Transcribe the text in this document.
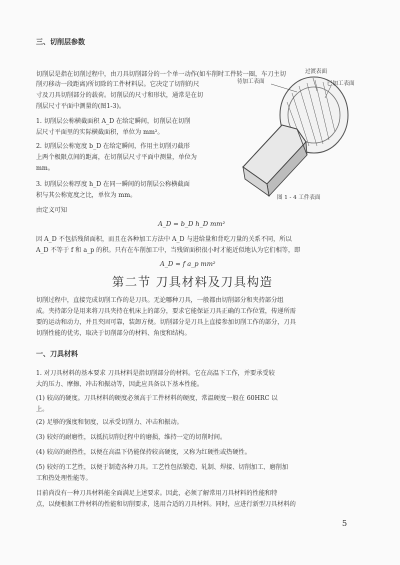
三、切削层参数
切削层是指在切削过程中，由刀具切削部分的一个单一动作(如车削时工件转一圈，车刀主切
削刃移动一段距离)所切除的工件材料层。它决定了切削的尺
寸及刀具切削部分的载荷。切削层的尺寸和形状，通常是在切
削层尺寸平面中测量的(图1-3)。
1. 切削层公称横截面积 A_D 在给定瞬间，切削层在切削
层尺寸平面里的实际横截面积，单位为 mm²。
2. 切削层公称宽度 b_D 在给定瞬间，作用主切削刃截形
上两个极限点间的距离，在切削层尺寸平面中测量，单位为
mm。
3. 切削层公称厚度 h_D 在同一瞬间的切削层公称横截面
积与其公称宽度之比，单位为 mm。
由定义可知
A_D = b_D h_D mm²
因 A_D 不包括残留面积，而且在各种加工方法中 A_D 与进给量和背吃刀量的关系不同，所以
A_D 不等于 f 和 a_p 的积。只有在车削加工中，当残留面积很小时才能近似地认为它们相等，即
A_D ≈ f a_p mm²
待加工表面
过渡表面
已加工表面
图 1 - 4 工件表面
第二节 刀具材料及刀具构造
切削过程中，直接完成切削工作的是刀具。无论哪种刀具，一般都由切削部分和夹持部分组
成。夹持部分是用来将刀具夹持在机床上的部分，要求它能保证刀具正确的工作位置，传递所需
要的运动和动力，并且夹固可靠，装卸方便。切削部分是刀具上直接参加切削工作的部分，刀具
切削性能的优劣，取决于切削部分的材料、角度和结构。
一、刀具材料
1. 对刀具材料的基本要求 刀具材料是指切削部分的材料。它在高温下工作，并要承受较
大的压力、摩擦、冲击和振动等，因此应具备以下基本性能。
(1) 较高的硬度。刀具材料的硬度必须高于工件材料的硬度，常温硬度一般在 60HRC 以
上。
(2) 足够的强度和韧度，以承受切削力、冲击和振动。
(3) 较好的耐磨性，以抵抗切削过程中的磨损，维持一定的切削时间。
(4) 较高的耐热性，以便在高温下仍能保持较高硬度，又称为红硬性或热硬性。
(5) 较好的工艺性，以便于制造各种刀具。工艺性包括锻造、轧制、焊接、切削加工、磨削加
工和热处理性能等。
目前尚没有一种刀具材料能全面满足上述要求。因此，必须了解常用刀具材料的性能和特
点，以便根据工件材料的性能和切削要求，选用合适的刀具材料。同时，应进行新型刀具材料的
5
